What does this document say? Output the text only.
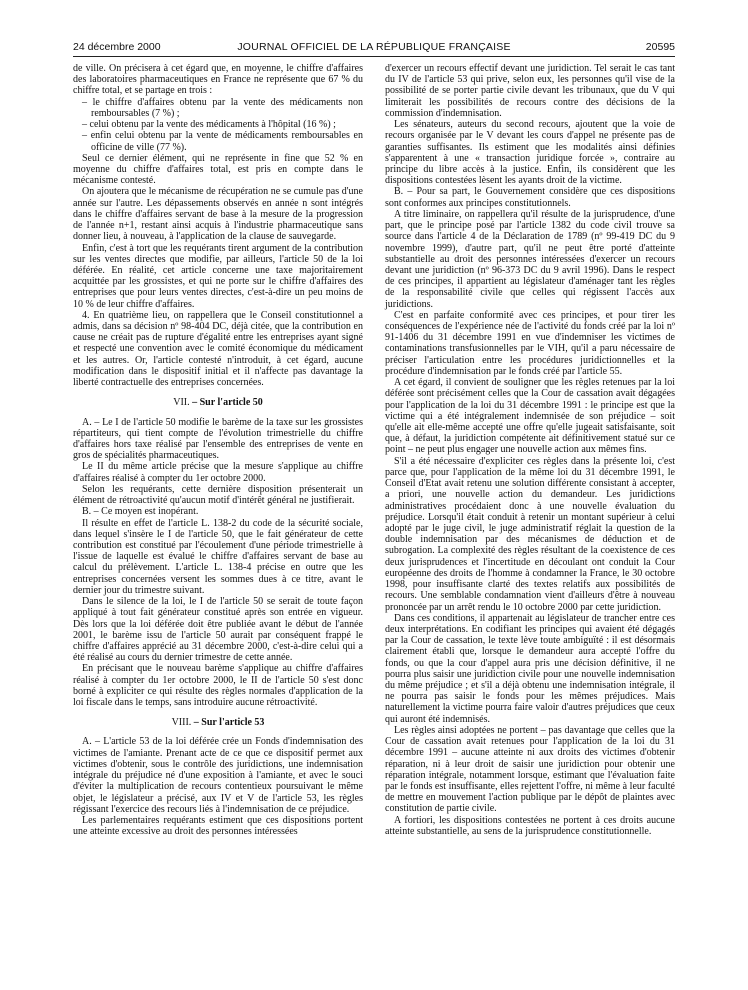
24 décembre 2000	JOURNAL OFFICIEL DE LA RÉPUBLIQUE FRANÇAISE	20595

de ville. On précisera à cet égard que, en moyenne, le chiffre d'affaires des laboratoires pharmaceutiques en France ne représente que 67 % du chiffre total, et se partage en trois :

– le chiffre d'affaires obtenu par la vente des médicaments non remboursables (7 %) ;

– celui obtenu par la vente des médicaments à l'hôpital (16 %) ;

– enfin celui obtenu par la vente de médicaments remboursables en officine de ville (77 %).

Seul ce dernier élément, qui ne représente in fine que 52 % en moyenne du chiffre d'affaires total, est pris en compte dans le mécanisme contesté.

On ajoutera que le mécanisme de récupération ne se cumule pas d'une année sur l'autre. Les dépassements observés en année n sont intégrés dans le chiffre d'affaires servant de base à la mesure de la progression de l'année n+1, restant ainsi acquis à l'industrie pharmaceutique sans donner lieu, à nouveau, à l'application de la clause de sauvegarde.

Enfin, c'est à tort que les requérants tirent argument de la contribution sur les ventes directes que modifie, par ailleurs, l'article 50 de la loi déférée. En réalité, cet article concerne une taxe majoritairement acquittée par les grossistes, et qui ne porte sur le chiffre d'affaires des entreprises que pour leurs ventes directes, c'est-à-dire un peu moins de 10 % de leur chiffre d'affaires.

4. En quatrième lieu, on rappellera que le Conseil constitutionnel a admis, dans sa décision nº 98-404 DC, déjà citée, que la contribution en cause ne créait pas de rupture d'égalité entre les entreprises ayant signé et respecté une convention avec le comité économique du médicament et les autres. Or, l'article contesté n'introduit, à cet égard, aucune modification dans le dispositif initial et il n'affecte pas davantage la liberté contractuelle des entreprises concernées.

VII. – Sur l'article 50

A. – Le I de l'article 50 modifie le barème de la taxe sur les grossistes répartiteurs, qui tient compte de l'évolution trimestrielle du chiffre d'affaires hors taxe réalisé par l'ensemble des entreprises de vente en gros de spécialités pharmaceutiques.

Le II du même article précise que la mesure s'applique au chiffre d'affaires réalisé à compter du 1er octobre 2000.

Selon les requérants, cette dernière disposition présenterait un élément de rétroactivité qu'aucun motif d'intérêt général ne justifierait.

B. – Ce moyen est inopérant.

Il résulte en effet de l'article L. 138-2 du code de la sécurité sociale, dans lequel s'insère le I de l'article 50, que le fait générateur de cette contribution est constitué par l'écoulement d'une période trimestrielle à l'issue de laquelle est évalué le chiffre d'affaires servant de base au calcul du prélèvement. L'article L. 138-4 précise en outre que les entreprises concernées versent les sommes dues à ce titre, avant le dernier jour du trimestre suivant.

Dans le silence de la loi, le I de l'article 50 se serait de toute façon appliqué à tout fait générateur constitué après son entrée en vigueur. Dès lors que la loi déférée doit être publiée avant le début de l'année 2001, le barème issu de l'article 50 aurait par conséquent frappé le chiffre d'affaires apprécié au 31 décembre 2000, c'est-à-dire celui qui a été réalisé au cours du dernier trimestre de cette année.

En précisant que le nouveau barème s'applique au chiffre d'affaires réalisé à compter du 1er octobre 2000, le II de l'article 50 s'est donc borné à expliciter ce qui résulte des règles normales d'application de la loi fiscale dans le temps, sans introduire aucune rétroactivité.

VIII. – Sur l'article 53

A. – L'article 53 de la loi déférée crée un Fonds d'indemnisation des victimes de l'amiante. Prenant acte de ce que ce dispositif permet aux victimes d'obtenir, sous le contrôle des juridictions, une indemnisation intégrale du préjudice né d'une exposition à l'amiante, et avec le souci d'éviter la multiplication de recours contentieux poursuivant le même objet, le législateur a précisé, aux IV et V de l'article 53, les règles régissant l'exercice des recours liés à l'indemnisation de ce préjudice.

Les parlementaires requérants estiment que ces dispositions portent une atteinte excessive au droit des personnes intéressées

d'exercer un recours effectif devant une juridiction. Tel serait le cas tant du IV de l'article 53 qui prive, selon eux, les personnes qu'il vise de la possibilité de se porter partie civile devant les tribunaux, que du V qui limiterait les possibilités de recours contre des décisions de la commission d'indemnisation.

Les sénateurs, auteurs du second recours, ajoutent que la voie de recours organisée par le V devant les cours d'appel ne présente pas de garanties suffisantes. Ils estiment que les modalités ainsi définies s'apparentent à une « transaction juridique forcée », contraire au principe du libre accès à la justice. Enfin, ils considèrent que les dispositions contestées lèsent les ayants droit de la victime.

B. – Pour sa part, le Gouvernement considère que ces dispositions sont conformes aux principes constitutionnels.

A titre liminaire, on rappellera qu'il résulte de la jurisprudence, d'une part, que le principe posé par l'article 1382 du code civil trouve sa source dans l'article 4 de la Déclaration de 1789 (nº 99-419 DC du 9 novembre 1999), d'autre part, qu'il ne peut être porté d'atteinte substantielle au droit des personnes intéressées d'exercer un recours devant une juridiction (nº 96-373 DC du 9 avril 1996). Dans le respect de ces principes, il appartient au législateur d'aménager tant les règles de la responsabilité civile que celles qui régissent l'accès aux juridictions.

C'est en parfaite conformité avec ces principes, et pour tirer les conséquences de l'expérience née de l'activité du fonds créé par la loi nº 91-1406 du 31 décembre 1991 en vue d'indemniser les victimes de contaminations transfusionnelles par le VIH, qu'il a paru nécessaire de préciser l'articulation entre les procédures juridictionnelles et la procédure d'indemnisation par le fonds créé par l'article 55.

A cet égard, il convient de souligner que les règles retenues par la loi déférée sont précisément celles que la Cour de cassation avait dégagées pour l'application de la loi du 31 décembre 1991 : le principe est que la victime qui a été intégralement indemnisée de son préjudice – soit qu'elle ait elle-même accepté une offre qu'elle jugeait satisfaisante, soit que, à défaut, la juridiction compétente ait définitivement statué sur ce point – ne peut plus engager une nouvelle action aux mêmes fins.

S'il a été nécessaire d'expliciter ces règles dans la présente loi, c'est parce que, pour l'application de la même loi du 31 décembre 1991, le Conseil d'Etat avait retenu une solution différente consistant à accepter, a priori, une nouvelle action du demandeur. Les juridictions administratives procédaient donc à une nouvelle évaluation du préjudice. Lorsqu'il était conduit à retenir un montant supérieur à celui adopté par le juge civil, le juge administratif réglait la question de la double indemnisation par des mécanismes de déduction et de subrogation. La complexité des règles résultant de la coexistence de ces deux jurisprudences et l'incertitude en découlant ont conduit la Cour européenne des droits de l'homme à condamner la France, le 30 octobre 1998, pour insuffisante clarté des textes relatifs aux possibilités de recours. Une semblable condamnation vient d'ailleurs d'être à nouveau prononcée par un arrêt rendu le 10 octobre 2000 par cette juridiction.

Dans ces conditions, il appartenait au législateur de trancher entre ces deux interprétations. En codifiant les principes qui avaient été dégagés par la Cour de cassation, le texte lève toute ambiguïté : il est désormais clairement établi que, lorsque le demandeur aura accepté l'offre du fonds, ou que la cour d'appel aura pris une décision définitive, il ne pourra plus saisir une juridiction civile pour une nouvelle indemnisation du même préjudice ; et s'il a déjà obtenu une indemnisation intégrale, il ne pourra pas saisir le fonds pour les mêmes préjudices. Mais naturellement la victime pourra faire valoir d'autres préjudices que ceux qui auront été indemnisés.

Les règles ainsi adoptées ne portent – pas davantage que celles que la Cour de cassation avait retenues pour l'application de la loi du 31 décembre 1991 – aucune atteinte ni aux droits des victimes d'obtenir réparation, ni à leur droit de saisir une juridiction pour obtenir une réparation intégrale, notamment lorsque, estimant que l'évaluation faite par le fonds est insuffisante, elles rejettent l'offre, ni même à leur faculté de mettre en mouvement l'action publique par le dépôt de plaintes avec constitution de partie civile.

A fortiori, les dispositions contestées ne portent à ces droits aucune atteinte substantielle, au sens de la jurisprudence constitutionnelle.
